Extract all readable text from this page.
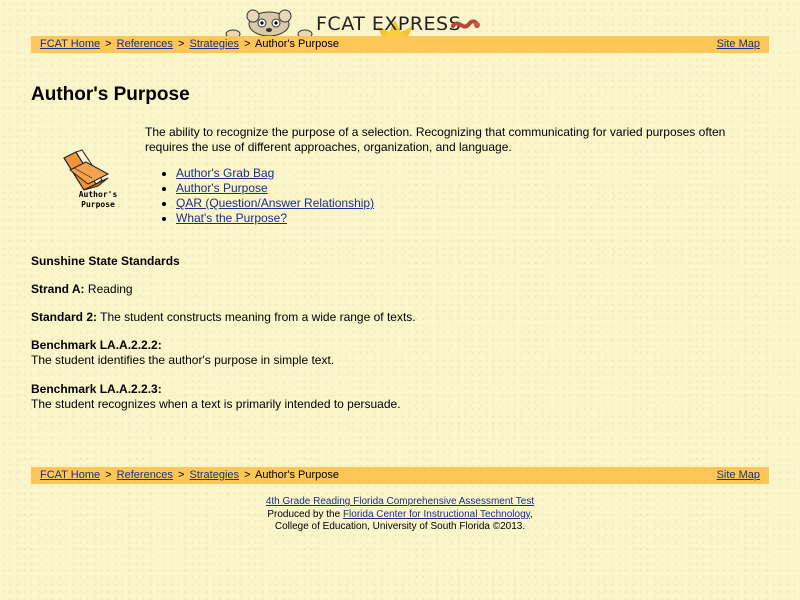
FCAT EXPRESS
FCAT Home > References > Strategies > Author's Purpose	Site Map
Author's Purpose
Author's
Purpose

The ability to recognize the purpose of a selection. Recognizing that communicating for varied purposes often requires the use of different approaches, organization, and language.

• Author's Grab Bag
• Author's Purpose
• QAR (Question/Answer Relationship)
• What's the Purpose?

Sunshine State Standards

Strand A: Reading

Standard 2: The student constructs meaning from a wide range of texts.

Benchmark LA.A.2.2.2:
The student identifies the author's purpose in simple text.

Benchmark LA.A.2.2.3:
The student recognizes when a text is primarily intended to persuade.

FCAT Home > References > Strategies > Author's Purpose	Site Map
4th Grade Reading Florida Comprehensive Assessment Test
Produced by the Florida Center for Instructional Technology,
College of Education, University of South Florida ©2013.
